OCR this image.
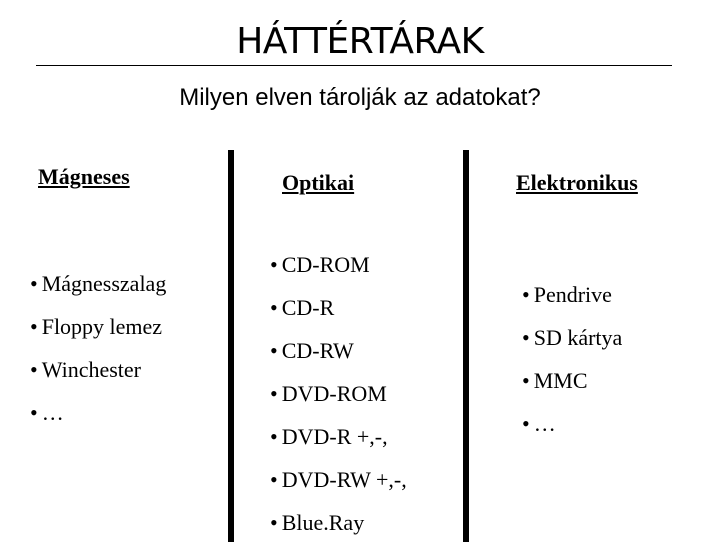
HÁTTÉRTÁRAK
Milyen elven tárolják az adatokat?
Mágneses	Optikai	Elektronikus
• Mágnesszalag
• Floppy lemez
• Winchester
• …
• CD-ROM
• CD-R
• CD-RW
• DVD-ROM
• DVD-R +,-,
• DVD-RW +,-,
• Blue.Ray
• Pendrive
• SD kártya
• MMC
• …
